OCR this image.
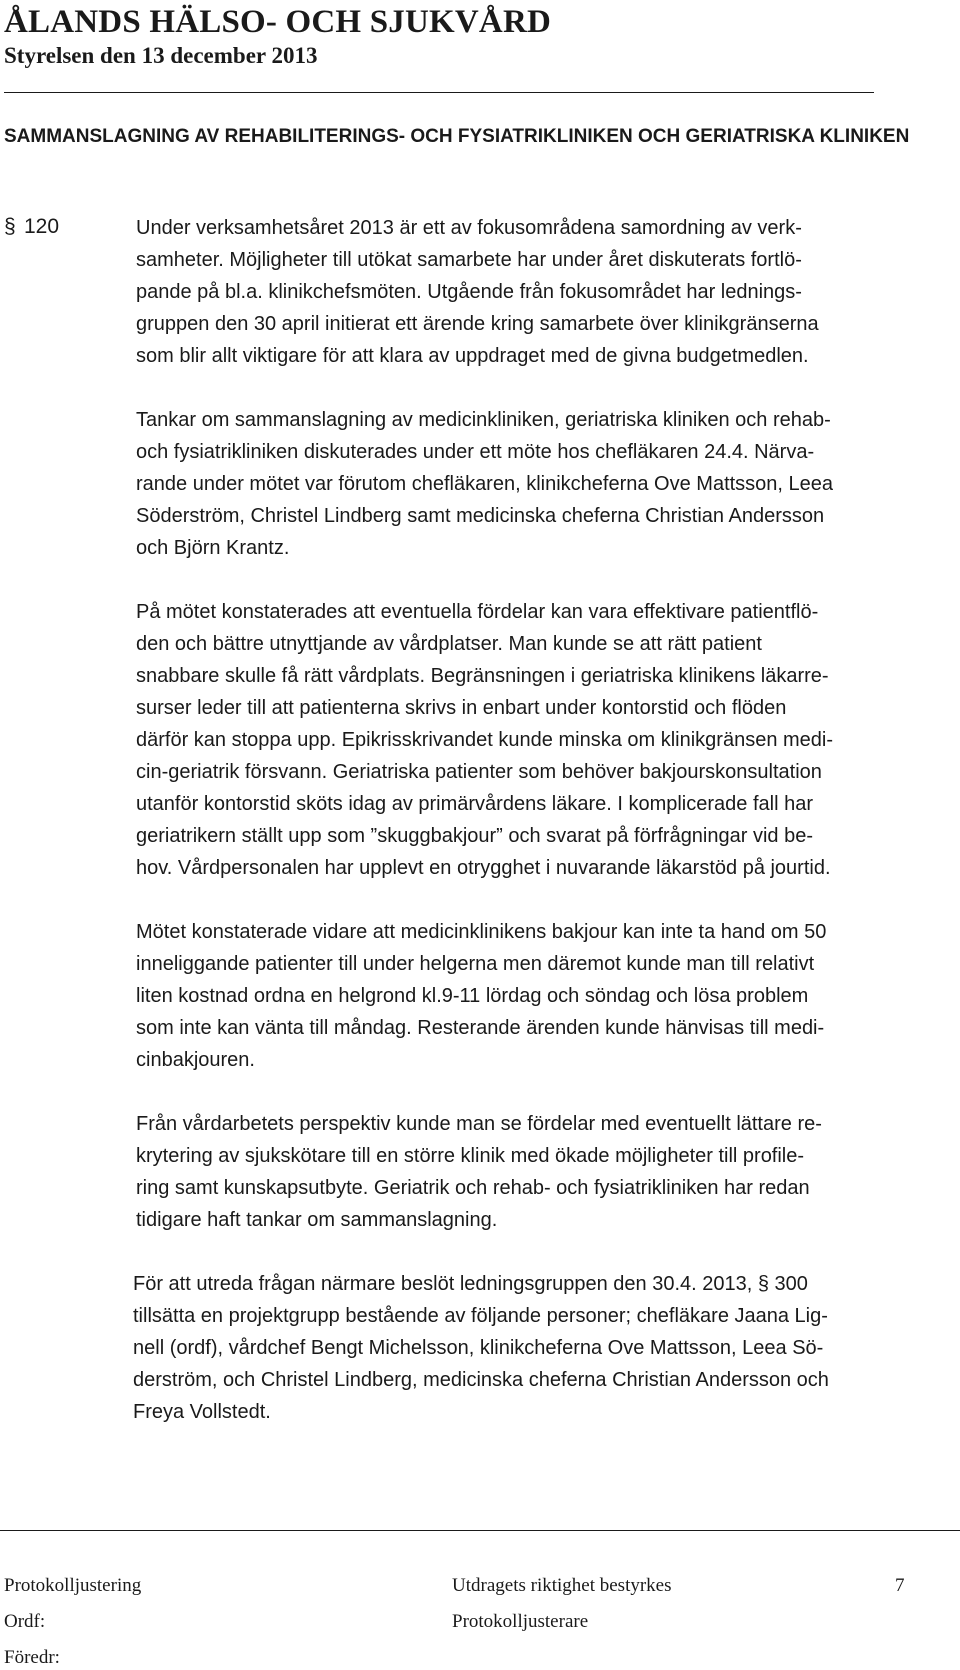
ÅLANDS HÄLSO- OCH SJUKVÅRD
Styrelsen den 13 december 2013
SAMMANSLAGNING AV REHABILITERINGS- OCH FYSIATRIKLINIKEN OCH GERIATRISKA KLINIKEN
§ 120	Under verksamhetsåret 2013 är ett av fokusområdena samordning av verk-
samheter. Möjligheter till utökat samarbete har under året diskuterats fortlö-
pande på bl.a. klinikchefsmöten. Utgående från fokusområdet har lednings-
gruppen den 30 april initierat ett ärende kring samarbete över klinikgränserna
som blir allt viktigare för att klara av uppdraget med de givna budgetmedlen.

Tankar om sammanslagning av medicinkliniken, geriatriska kliniken och rehab-
och fysiatrikliniken diskuterades under ett möte hos chefläkaren 24.4. Närva-
rande under mötet var förutom chefläkaren, klinikcheferna Ove Mattsson, Leea
Söderström, Christel Lindberg samt medicinska cheferna Christian Andersson
och Björn Krantz.

På mötet konstaterades att eventuella fördelar kan vara effektivare patientflö-
den och bättre utnyttjande av vårdplatser. Man kunde se att rätt patient
snabbare skulle få rätt vårdplats. Begränsningen i geriatriska klinikens läkarre-
surser leder till att patienterna skrivs in enbart under kontorstid och flöden
därför kan stoppa upp. Epikrisskrivandet kunde minska om klinikgränsen medi-
cin-geriatrik försvann. Geriatriska patienter som behöver bakjourskonsultation
utanför kontorstid sköts idag av primärvårdens läkare. I komplicerade fall har
geriatrikern ställt upp som ”skuggbakjour” och svarat på förfrågningar vid be-
hov. Vårdpersonalen har upplevt en otrygghet i nuvarande läkarstöd på jourtid.

Mötet konstaterade vidare att medicinklinikens bakjour kan inte ta hand om 50
inneliggande patienter till under helgerna men däremot kunde man till relativt
liten kostnad ordna en helgrond kl.9-11 lördag och söndag och lösa problem
som inte kan vänta till måndag. Resterande ärenden kunde hänvisas till medi-
cinbakjouren.

Från vårdarbetets perspektiv kunde man se fördelar med eventuellt lättare re-
krytering av sjukskötare till en större klinik med ökade möjligheter till profile-
ring samt kunskapsutbyte. Geriatrik och rehab- och fysiatrikliniken har redan
tidigare haft tankar om sammanslagning.

För att utreda frågan närmare beslöt ledningsgruppen den 30.4. 2013, § 300
tillsätta en projektgrupp bestående av följande personer; chefläkare Jaana Lig-
nell (ordf), vårdchef Bengt Michelsson, klinikcheferna Ove Mattsson, Leea Sö-
derström, och Christel Lindberg, medicinska cheferna Christian Andersson och
Freya Vollstedt.

Protokolljustering	Utdragets riktighet bestyrkes	7
Ordf:	Protokolljusterare
Föredr:
